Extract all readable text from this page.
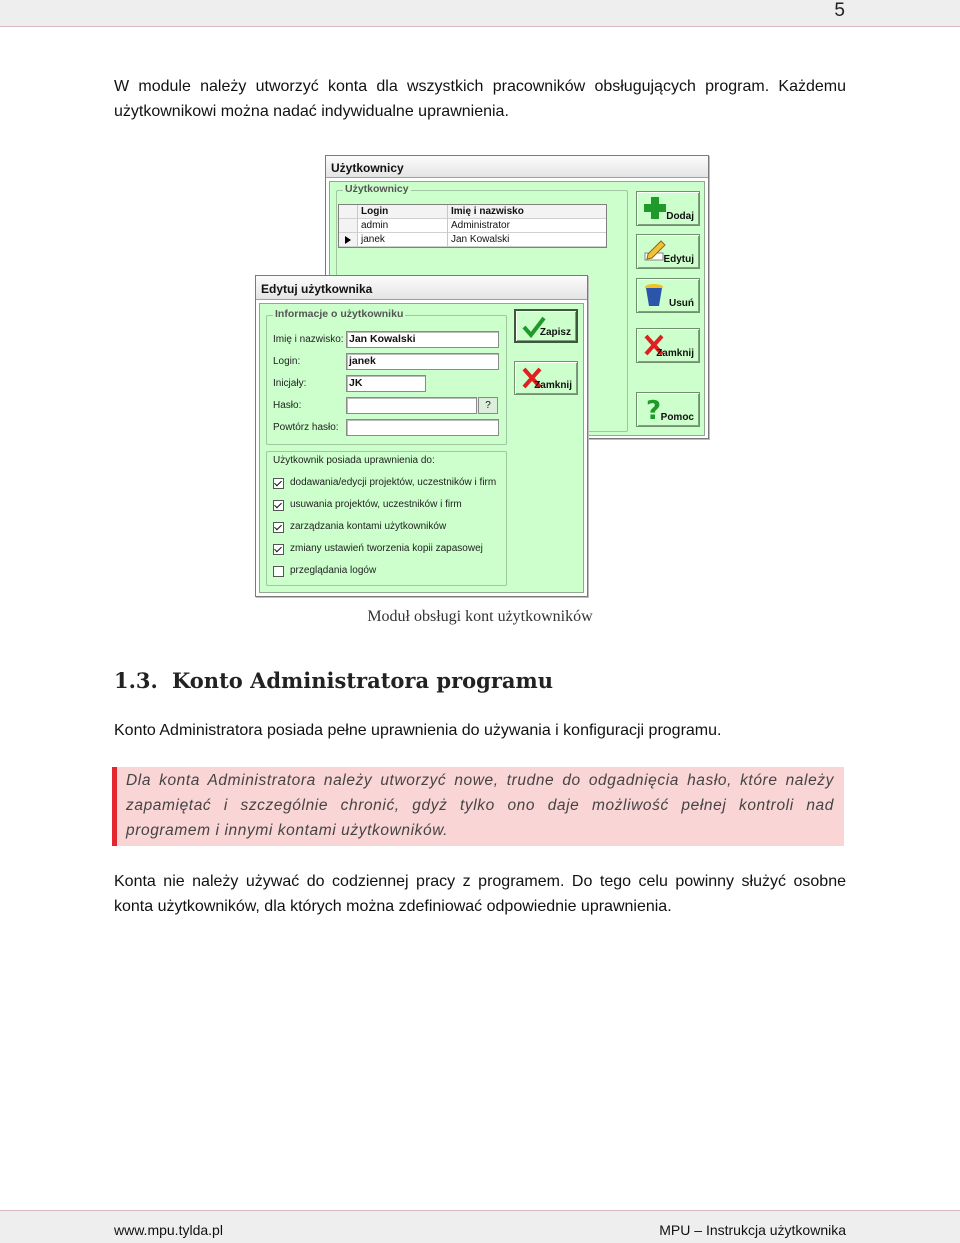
5

W module należy utworzyć konta dla wszystkich pracowników obsługujących program. Każdemu użytkownikowi można nadać indywidualne uprawnienia.

Użytkownicy
Użytkownicy
Login	Imię i nazwisko
admin	Administrator
janek	Jan Kowalski
Dodaj
Edytuj
Usuń
Zamknij
? Pomoc
Edytuj użytkownika
Informacje o użytkowniku
Imię i nazwisko: Jan Kowalski
Login:	janek
Inicjały:	JK
Hasło:	?
Powtórz hasło:
Zapisz
Zamknij
Użytkownik posiada uprawnienia do:
dodawania/edycji projektów, uczestników i firm
usuwania projektów, uczestników i firm
zarządzania kontami użytkowników
zmiany ustawień tworzenia kopii zapasowej
przeglądania logów
Moduł obsługi kont użytkowników
1.3. Konto Administratora programu

Konto Administratora posiada pełne uprawnienia do używania i konfiguracji programu.

Dla konta Administratora należy utworzyć nowe, trudne do odgadnięcia hasło, które należy zapamiętać i szczególnie chronić, gdyż tylko ono daje możliwość pełnej kontroli nad programem i innymi kontami użytkowników.

Konta nie należy używać do codziennej pracy z programem. Do tego celu powinny służyć osobne konta użytkowników, dla których można zdefiniować odpowiednie uprawnienia.

www.mpu.tylda.pl	MPU – Instrukcja użytkownika
